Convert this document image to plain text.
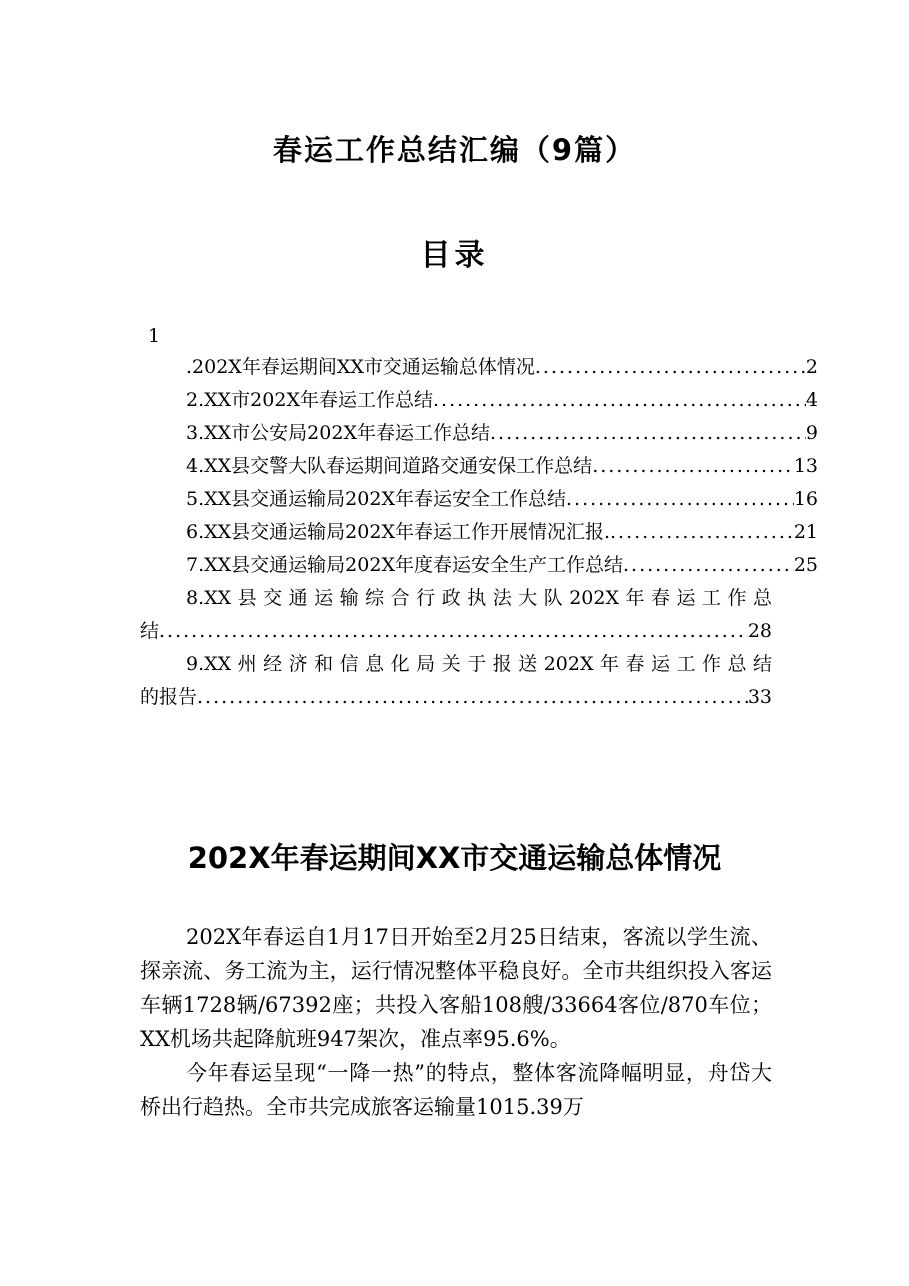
春运工作总结汇编（9篇）
目录
1
.202X年春运期间XX市交通运输总体情况 .....	2
2.XX市202X年春运工作总结 .....	4
3.XX市公安局202X年春运工作总结 .....	9
4.XX县交警大队春运期间道路交通安保工作总结 .....	13
5.XX县交通运输局202X年春运安全工作总结 .....	16
6.XX县交通运输局202X年春运工作开展情况汇报. .....	21
7.XX县交通运输局202X年度春运安全生产工作总结 .....	25
8.XX县交通运输综合行政执法大队202X年春运工作总
结 .....	28
9.XX州经济和信息化局关于报送202X年春运工作总结
的报告 .....	33
202X年春运期间XX市交通运输总体情况

202X年春运自1月17日开始至2月25日结束，客流以学生流、探亲流、务工流为主，运行情况整体平稳良好。全市共组织投入客运车辆1728辆/67392座；共投入客船108艘/33664客位/870车位；XX机场共起降航班947架次，准点率95.6%。

今年春运呈现“一降一热”的特点，整体客流降幅明显，舟岱大桥出行趋热。全市共完成旅客运输量1015.39万
